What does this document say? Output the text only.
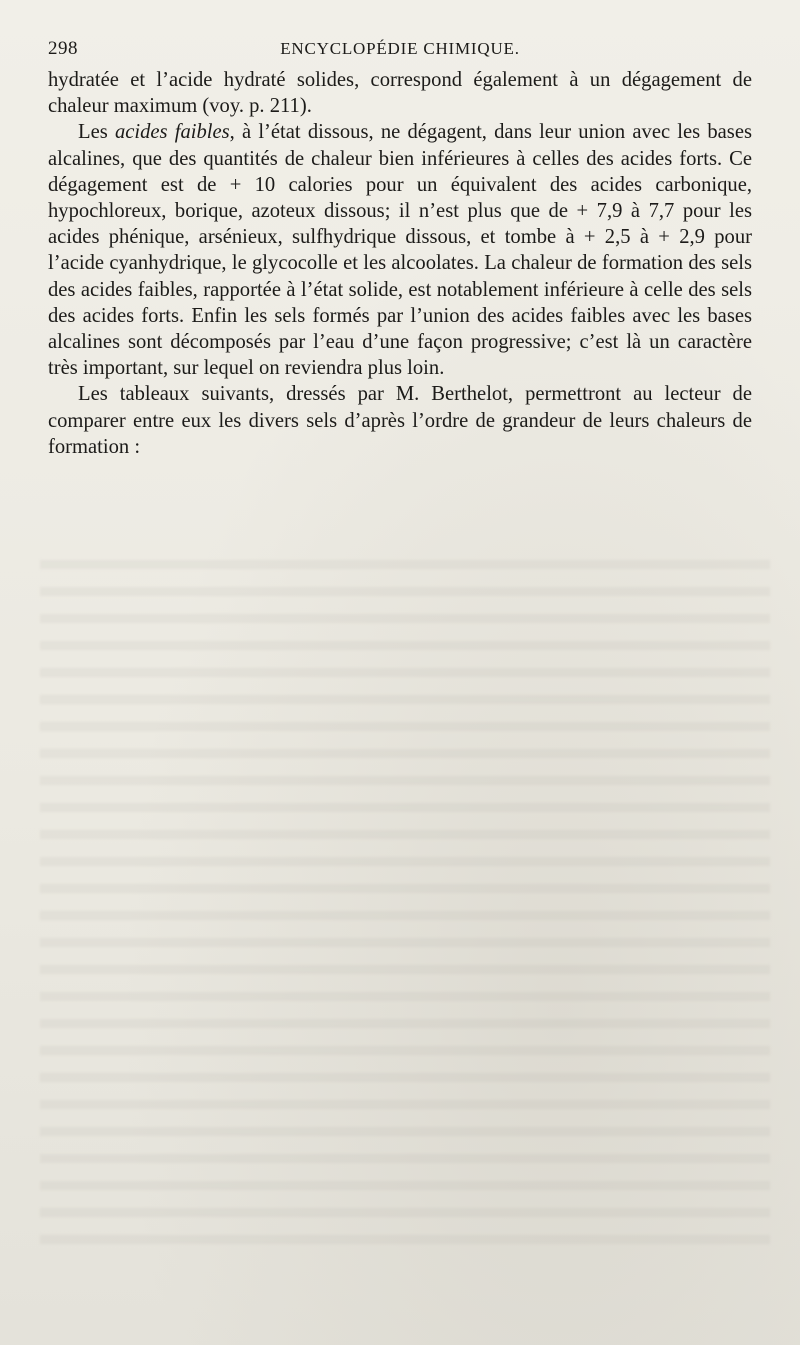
298	ENCYCLOPÉDIE CHIMIQUE.

hydratée et l’acide hydraté solides, correspond également à un dégagement de chaleur maximum (voy. p. 211).

Les acides faibles, à l’état dissous, ne dégagent, dans leur union avec les bases alcalines, que des quantités de chaleur bien inférieures à celles des acides forts. Ce dégagement est de + 10 calories pour un équivalent des acides carbonique, hypochloreux, borique, azoteux dissous; il n’est plus que de + 7,9 à 7,7 pour les acides phénique, arsénieux, sulfhydrique dissous, et tombe à + 2,5 à + 2,9 pour l’acide cyanhydrique, le glycocolle et les alcoolates. La chaleur de formation des sels des acides faibles, rapportée à l’état solide, est notablement inférieure à celle des sels des acides forts. Enfin les sels formés par l’union des acides faibles avec les bases alcalines sont décomposés par l’eau d’une façon progressive; c’est là un caractère très important, sur lequel on reviendra plus loin.

Les tableaux suivants, dressés par M. Berthelot, permettront au lecteur de comparer entre eux les divers sels d’après l’ordre de grandeur de leurs chaleurs de formation :
